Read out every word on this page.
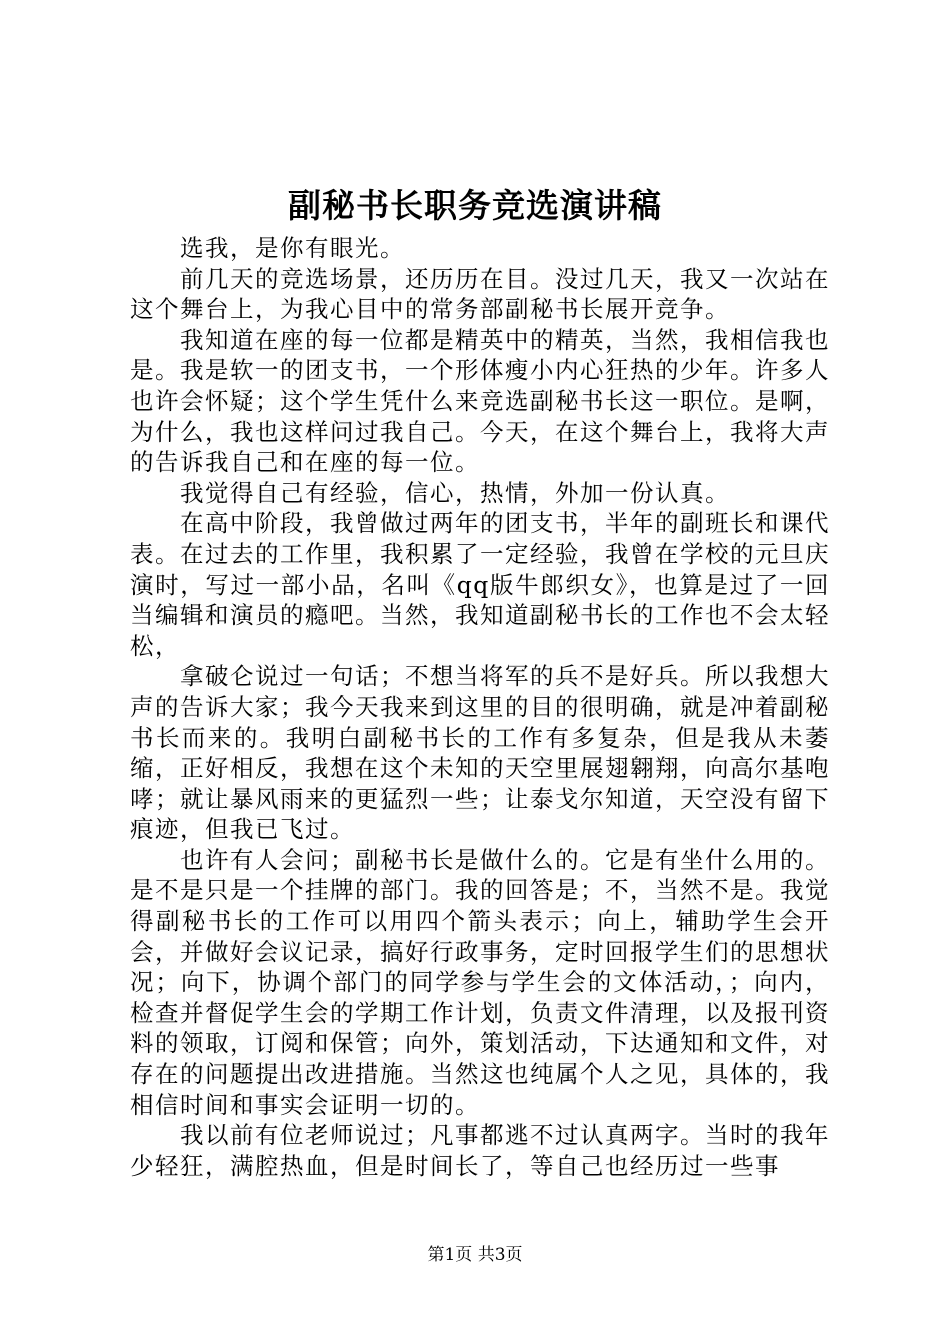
副秘书长职务竞选演讲稿

选我，是你有眼光。

前几天的竞选场景，还历历在目。没过几天，我又一次站在这个舞台上，为我心目中的常务部副秘书长展开竞争。

我知道在座的每一位都是精英中的精英，当然，我相信我也是。我是软一的团支书，一个形体瘦小内心狂热的少年。许多人也许会怀疑；这个学生凭什么来竞选副秘书长这一职位。是啊，为什么，我也这样问过我自己。今天，在这个舞台上，我将大声的告诉我自己和在座的每一位。

我觉得自己有经验，信心，热情，外加一份认真。

在高中阶段，我曾做过两年的团支书，半年的副班长和课代表。在过去的工作里，我积累了一定经验，我曾在学校的元旦庆演时，写过一部小品，名叫《qq版牛郎织女》，也算是过了一回当编辑和演员的瘾吧。当然，我知道副秘书长的工作也不会太轻松，

拿破仑说过一句话；不想当将军的兵不是好兵。所以我想大声的告诉大家；我今天我来到这里的目的很明确，就是冲着副秘书长而来的。我明白副秘书长的工作有多复杂，但是我从未萎缩，正好相反，我想在这个未知的天空里展翅翱翔，向高尔基咆哮；就让暴风雨来的更猛烈一些；让泰戈尔知道，天空没有留下痕迹，但我已飞过。

也许有人会问；副秘书长是做什么的。它是有坐什么用的。是不是只是一个挂牌的部门。我的回答是；不，当然不是。我觉得副秘书长的工作可以用四个箭头表示；向上，辅助学生会开会，并做好会议记录，搞好行政事务，定时回报学生们的思想状况；向下，协调个部门的同学参与学生会的文体活动，；向内，检查并督促学生会的学期工作计划，负责文件清理，以及报刊资料的领取，订阅和保管；向外，策划活动，下达通知和文件，对存在的问题提出改进措施。当然这也纯属个人之见，具体的，我相信时间和事实会证明一切的。

我以前有位老师说过；凡事都逃不过认真两字。当时的我年少轻狂，满腔热血，但是时间长了，等自己也经历过一些事

第1页 共3页
